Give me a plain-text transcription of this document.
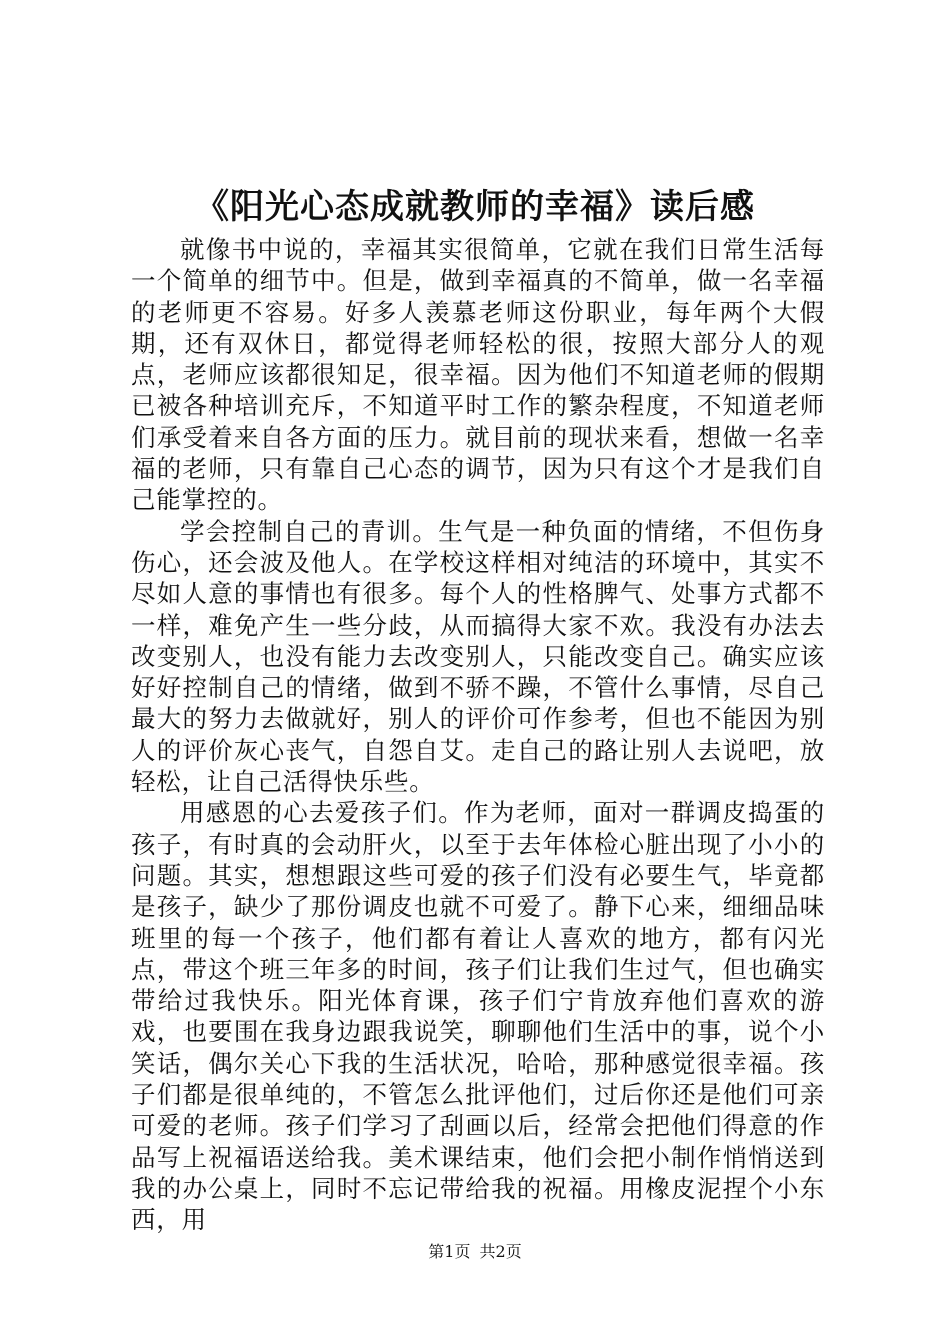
《阳光心态成就教师的幸福》读后感

就像书中说的，幸福其实很简单，它就在我们日常生活每一个简单的细节中。但是，做到幸福真的不简单，做一名幸福的老师更不容易。好多人羡慕老师这份职业，每年两个大假期，还有双休日，都觉得老师轻松的很，按照大部分人的观点，老师应该都很知足，很幸福。因为他们不知道老师的假期已被各种培训充斥，不知道平时工作的繁杂程度，不知道老师们承受着来自各方面的压力。就目前的现状来看，想做一名幸福的老师，只有靠自己心态的调节，因为只有这个才是我们自己能掌控的。

学会控制自己的青训。生气是一种负面的情绪，不但伤身伤心，还会波及他人。在学校这样相对纯洁的环境中，其实不尽如人意的事情也有很多。每个人的性格脾气、处事方式都不一样，难免产生一些分歧，从而搞得大家不欢。我没有办法去改变别人，也没有能力去改变别人，只能改变自己。确实应该好好控制自己的情绪，做到不骄不躁，不管什么事情，尽自己最大的努力去做就好，别人的评价可作参考，但也不能因为别人的评价灰心丧气，自怨自艾。走自己的路让别人去说吧，放轻松，让自己活得快乐些。

用感恩的心去爱孩子们。作为老师，面对一群调皮捣蛋的孩子，有时真的会动肝火，以至于去年体检心脏出现了小小的问题。其实，想想跟这些可爱的孩子们没有必要生气，毕竟都是孩子，缺少了那份调皮也就不可爱了。静下心来，细细品味班里的每一个孩子，他们都有着让人喜欢的地方，都有闪光点，带这个班三年多的时间，孩子们让我们生过气，但也确实带给过我快乐。阳光体育课，孩子们宁肯放弃他们喜欢的游戏，也要围在我身边跟我说笑，聊聊他们生活中的事，说个小笑话，偶尔关心下我的生活状况，哈哈，那种感觉很幸福。孩子们都是很单纯的，不管怎么批评他们，过后你还是他们可亲可爱的老师。孩子们学习了刮画以后，经常会把他们得意的作品写上祝福语送给我。美术课结束，他们会把小制作悄悄送到我的办公桌上，同时不忘记带给我的祝福。用橡皮泥捏个小东西，用

第1页 共2页
